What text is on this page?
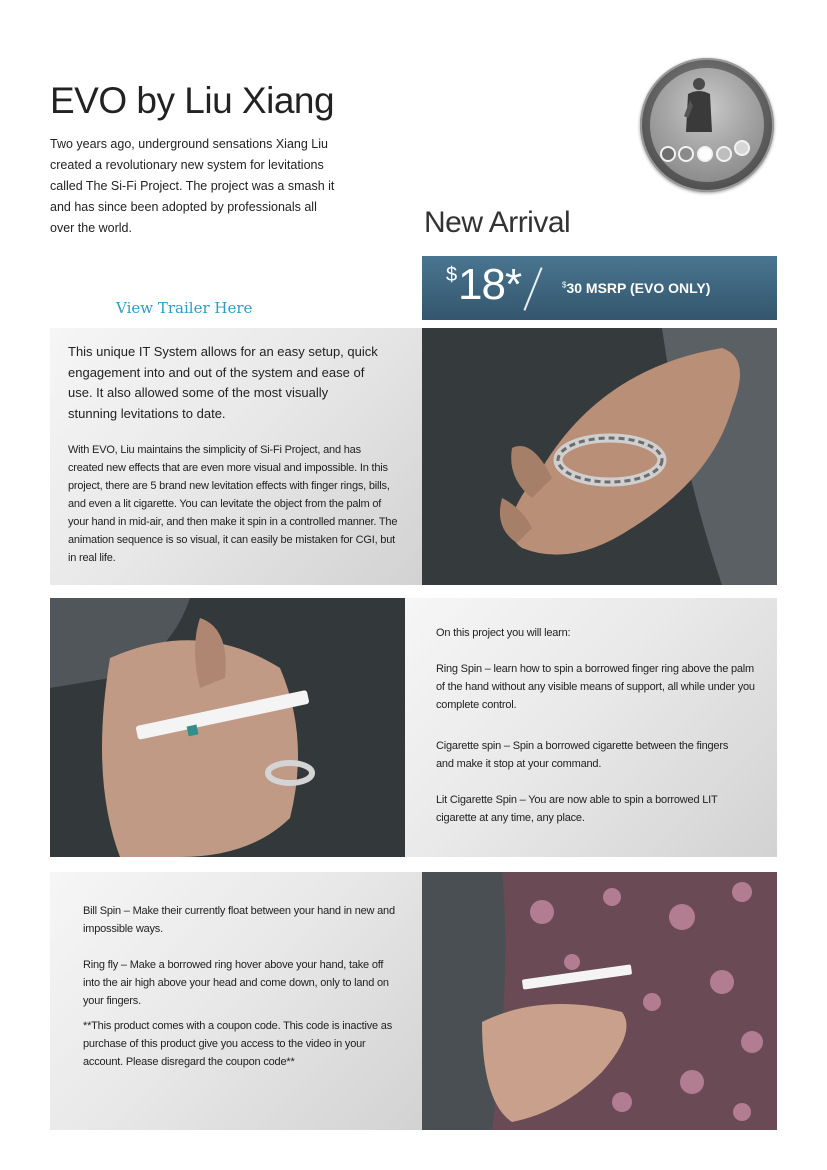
EVO by Liu Xiang
Two years ago, underground sensations Xiang Liu created a revolutionary new system for levitations called The Si-Fi Project. The project was a smash it and has since been adopted by professionals all over the world.	New Arrival
$ 18*	$30 MSRP (EVO ONLY)
View Trailer Here
This unique IT System allows for an easy setup, quick engagement into and out of the system and ease of use. It also allowed some of the most visually stunning levitations to date.
With EVO, Liu maintains the simplicity of Si-Fi Project, and has created new effects that are even more visual and impossible. In this project, there are 5 brand new levitation effects with finger rings, bills, and even a lit cigarette. You can levitate the object from the palm of your hand in mid-air, and then make it spin in a controlled manner. The animation sequence is so visual, it can easily be mistaken for CGI, but in real life.
On this project you will learn:
Ring Spin – learn how to spin a borrowed finger ring above the palm of the hand without any visible means of support, all while under you complete control.
Cigarette spin – Spin a borrowed cigarette between the fingers and make it stop at your command.
Lit Cigarette Spin – You are now able to spin a borrowed LIT cigarette at any time, any place.
Bill Spin – Make their currently float between your hand in new and impossible ways.
Ring fly – Make a borrowed ring hover above your hand, take off into the air high above your head and come down, only to land on your fingers.
**This product comes with a coupon code. This code is inactive as purchase of this product give you access to the video in your account. Please disregard the coupon code**
